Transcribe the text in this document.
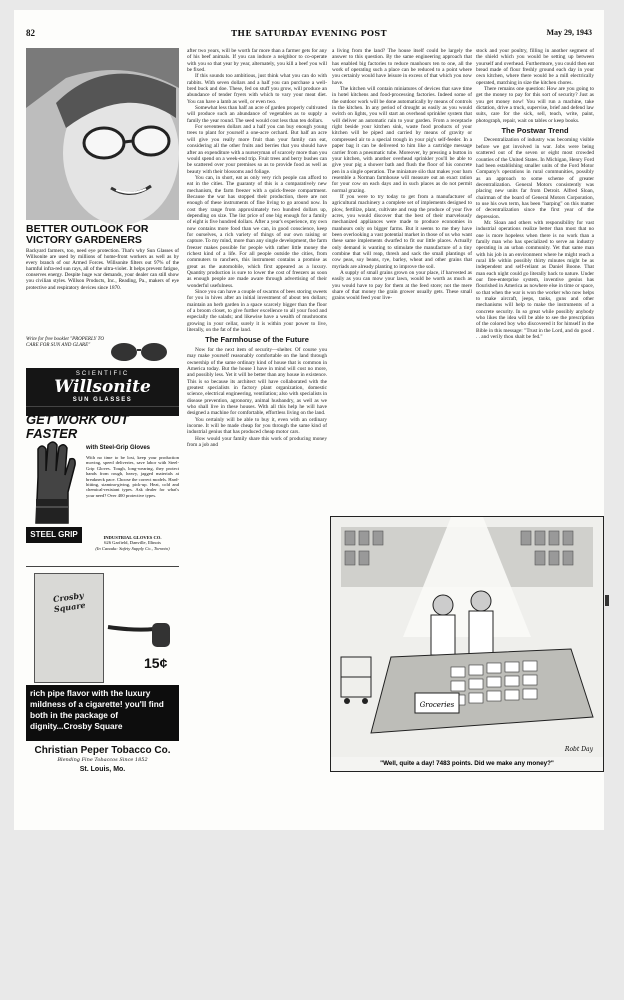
82	THE SATURDAY EVENING POST	May 29, 1943
BETTER OUTLOOK FOR VICTORY GARDENERS
Backyard farmers, too, need eye protection. That's why Sun Glasses of Willsonite are used by millions of home-front workers as well as by every branch of our Armed Forces. Willsonite filters out 97% of the harmful infra-red sun rays, all of the ultra-violet. It helps prevent fatigue, conserves energy. Despite huge war demands, your dealer can still show you civilian styles. Willson Products, Inc., Reading, Pa., makers of eye protective and respiratory devices since 1870.
Write for free booklet "PROPERLY TO CARE FOR SUN AND GLARE"
SCIENTIFIC
Willsonite
SUN GLASSES
GET WORK OUT FASTER
with Steel-Grip Gloves
With no time to be lost, keep your production moving, speed deliveries, save labor with Steel-Grip Gloves. Tough, long-wearing, they protect hands from rough, heavy, jagged materials at breakneck pace. Choose the correct models. Hard-hitting, stamina-giving, pick-up. Heat, cold and chemical-resistant types. Ask dealer for what's your need? Over 400 protective types.
STEEL GRIP	INDUSTRIAL GLOVES CO.
626 Garfield, Danville, Illinois
(In Canada: Safety Supply Co., Toronto)
Crosby Square
15¢
rich pipe flavor with the luxury mildness of a cigarette! you'll find both in the package of dignity...Crosby Square
Christian Peper Tobacco Co.
Blending Fine Tobaccos Since 1852
St. Louis, Mo.

after two years, will be worth far more than a farmer gets for any of his beef animals. If you can induce a neighbor to co-operate with you so that year by year, alternately, you kill a beef you will be fixed.

If this sounds too ambitious, just think what you can do with rabbits. With seven dollars and a half you can purchase a well-bred buck and doe. These, fed on stuff you grow, will produce an abundance of tender fryers with which to vary your meat diet. You can have a lamb as well, or even two.

Somewhat less than half an acre of garden properly cultivated will produce such an abundance of vegetables as to supply a family the year round. The seed would cost less than ten dollars.

For seventeen dollars and a half you can buy enough young trees to plant for yourself a one-acre orchard. But half an acre will give you really more fruit than your family can eat, considering all the other fruits and berries that you should have after an expenditure with a nurseryman of scarcely more than you would spend on a week-end trip. Fruit trees and berry bushes can be scattered over your premises so as to provide food as well as beauty with their blossoms and foliage.

You can, in short, eat as only very rich people can afford to eat in the cities. The guaranty of this is a comparatively new mechanism, the farm freezer with a quick-freeze compartment. Because the war has stopped their production, there are not enough of these instruments of fine living to go around now. In cost they range from approximately two hundred dollars up, depending on size. The list price of one big enough for a family of eight is five hundred dollars. After a year's experience, my own now contains more food than we can, in good conscience, keep for ourselves, a rich variety of things of our own raising or capture. To my mind, more than any single development, the farm freezer makes possible for people with rather little money the richest kind of a life. For all people outside the cities, from commuters to ranchers, this instrument contains a promise as great as the automobile, which first appeared as a luxury. Quantity production is sure to lower the cost of freezers as soon as enough people are made aware through advertising of their wonderful usefulness.

Since you can have a couple of swarms of bees storing sweets for you in hives after an initial investment of about ten dollars; maintain an herb garden in a space scarcely bigger than the floor of a broom closet, to give further excellence to all your food and especially the salads; and likewise have a wealth of mushrooms growing in your cellar, surely it is within your power to live, literally, on the fat of the land.

The Farmhouse of the Future

Now for the next item of security—shelter. Of course you may make yourself reasonably comfortable on the land through ownership of the same ordinary kind of house that is common in America today. But the house I have in mind will cost no more, and possibly less. Yet it will be better than any house in existence. This is so because its architect will have collaborated with the greatest specialists in factory plant organization, domestic science, electrical engineering, ventilation; also with specialists in disease prevention, agronomy, animal husbandry, as well as we who shall live in these houses. With all this help he will have designed a machine for comfortable, effortless living on the land.

You certainly will be able to buy it, even with an ordinary income. It will be made cheap for you through the same kind of industrial genius that has produced cheap motor cars.

How would your family share this work of producing money from a job and

a living from the land? The house itself could be largely the answer to this question. By the same engineering approach that has enabled big factories to reduce manhours ten to one, all the work of operating such a place can be reduced to a point where you certainly would have leisure in excess of that which you now have.

The kitchen will contain miniatures of devices that save time in hotel kitchens and food-processing factories. Indeed some of the outdoor work will be done automatically by means of controls in the kitchen. In any period of drought as easily as you would switch on lights, you will start an overhead sprinkler system that will deliver an automatic rain to your garden. From a receptacle right beside your kitchen sink, waste food products of your kitchen will be piped and carried by means of gravity or compressed air to a special trough in your pig's self-feeder. In a paper bag it can be delivered to him like a cartridge message carrier from a pneumatic tube. Moreover, by pressing a button in your kitchen, with another overhead sprinkler you'll be able to give your pig a shower bath and flush the floor of his concrete pen in a single operation. The miniature silo that makes your barn resemble a Norman farmhouse will measure out an exact ration for your cow on each days and in such places as do not permit normal grazing.

If you were to try today to get from a manufacturer of agricultural machinery a complete set of implements designed to plow, fertilize, plant, cultivate and reap the produce of your five acres, you would discover that the best of their marvelously mechanized appliances were made to produce economies in manhours only on bigger farms. But it seems to me they have been overlooking a vast potential market in those of us who want these same implements dwarfed to fit our little places. Actually only demand is wanting to stimulate the manufacture of a tiny combine that will reap, thresh and sack the small plantings of cow peas, soy beans, rye, barley, wheat and other grains that myriads are already planting to improve the soil.

A supply of small grains grown on your place, if harvested as easily as you can mow your lawn, would be worth as much as you would have to pay for them at the feed store; not the mere share of that money the grain grower usually gets. These small grains would feed your live-

stock and your poultry, filling in another segment of the shield which you would be setting up between yourself and overhead. Furthermore, you could then eat bread made of flour freshly ground each day in your own kitchen, where there would be a mill electrically operated, matching in size the kitchen chores.

There remains one question: How are you going to get the money to pay for this sort of security? Just as you get money now! You will run a machine, take dictation, drive a truck, supervise, brief and defend law suits, care for the sick, sell, teach, write, paint, photograph, repair, wait on tables or keep books.

The Postwar Trend

Decentralization of industry was becoming visible before we got involved in war. Jobs were being scattered out of the seven or eight most crowded counties of the United States. In Michigan, Henry Ford had been establishing smaller units of the Ford Motor Company's operations in rural communities, possibly as an approach to some scheme of greater decentralization. General Motors consistently was placing new units far from Detroit. Alfred Sloan, chairman of the board of General Motors Corporation, to use his own term, has been "harping" on this matter of decentralization since the first year of the depression.

Mr. Sloan and others with responsibility for vast industrial operations realize better than most that no one is more hopeless when there is no work than a family man who has specialized to serve an industry operating in an urban community. Yet that same man with his job in an environment where he might reach a rural life within possibly thirty minutes might be as independent and self-reliant as Daniel Boone. That man each night could go literally back to nature. Under our free-enterprise system, inventive genius has flourished in America as nowhere else in time or space, so that when the war is won the worker who now helps to make aircraft, jeeps, tanks, guns and other mechanisms will help to make the instruments of a concrete security. In so great while possibly anybody who likes the idea will be able to see the prescription of the colored boy who discovered it for himself in the Bible in this message: "Trust in the Lord, and do good . . . and verily thou shalt be fed."

Groceries
Robt Day
"Well, quite a day! 7483 points. Did we make any money?"
